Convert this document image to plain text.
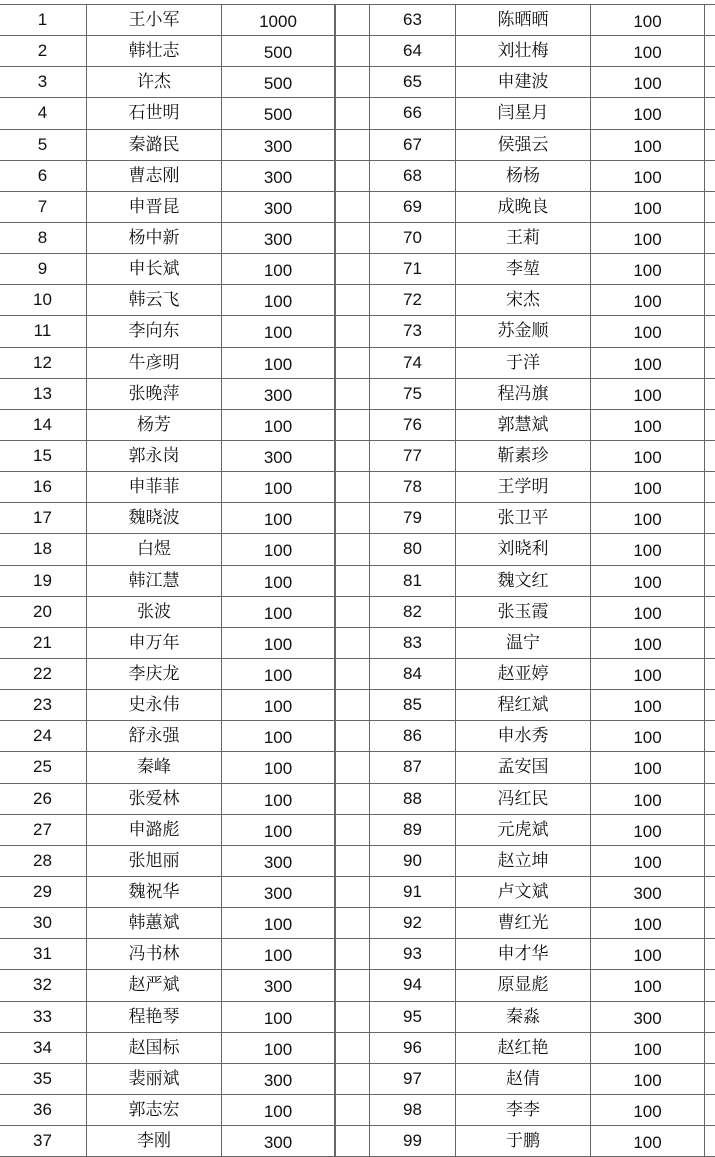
1	王小军	1000
2	韩壮志	500
3	许杰	500
4	石世明	500
5	秦潞民	300
6	曹志刚	300
7	申晋昆	300
8	杨中新	300
9	申长斌	100
10	韩云飞	100
11	李向东	100
12	牛彦明	100
13	张晚萍	300
14	杨芳	100
15	郭永岗	300
16	申菲菲	100
17	魏晓波	100
18	白煜	100
19	韩江慧	100
20	张波	100
21	申万年	100
22	李庆龙	100
23	史永伟	100
24	舒永强	100
25	秦峰	100
26	张爱林	100
27	申潞彪	100
28	张旭丽	300
29	魏祝华	300
30	韩蕙斌	100
31	冯书林	100
32	赵严斌	300
33	程艳琴	100
34	赵国标	100
35	裴丽斌	300
36	郭志宏	100
37	李刚	300
	63	陈晒晒	100	
	64	刘壮梅	100	
	65	申建波	100	
	66	闫星月	100	
	67	侯强云	100	
	68	杨杨	100	
	69	成晚良	100	
	70	王莉	100	
	71	李堃	100	
	72	宋杰	100	
	73	苏金顺	100	
	74	于洋	100	
	75	程冯旗	100	
	76	郭慧斌	100	
	77	靳素珍	100	
	78	王学明	100	
	79	张卫平	100	
	80	刘晓利	100	
	81	魏文红	100	
	82	张玉霞	100	
	83	温宁	100	
	84	赵亚婷	100	
	85	程红斌	100	
	86	申水秀	100	
	87	孟安国	100	
	88	冯红民	100	
	89	元虎斌	100	
	90	赵立坤	100	
	91	卢文斌	300	
	92	曹红光	100	
	93	申才华	100	
	94	原显彪	100	
	95	秦淼	300	
	96	赵红艳	100	
	97	赵倩	100	
	98	李李	100	
	99	于鹏	100	
